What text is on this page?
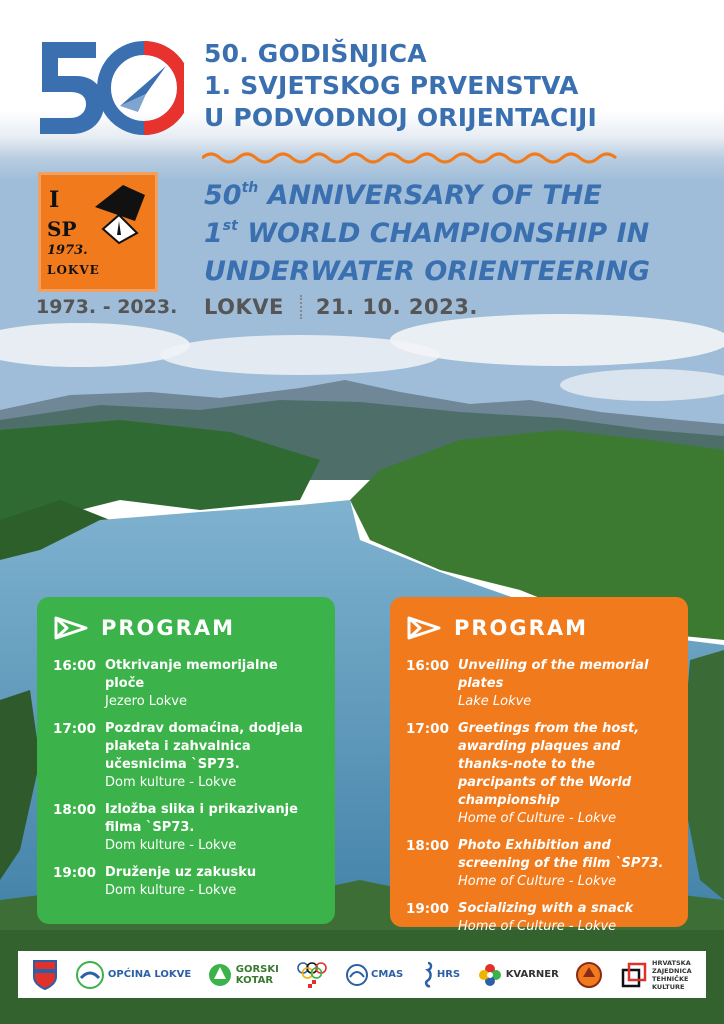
50. GODIŠNJICA
1. SVJETSKOG PRVENSTVA
U PODVODNOJ ORIJENTACIJI
50th ANNIVERSARY OF THE
1st WORLD CHAMPIONSHIP IN
UNDERWATER ORIENTEERING
I
SP
1973.
LOKVE
1973. - 2023. LOKVE 21. 10. 2023.
PROGRAM
16:00 Otkrivanje memorijalne ploče
Jezero Lokve
17:00 Pozdrav domaćina, dodjela plaketa i zahvalnica učesnicima `SP73.
Dom kulture - Lokve
18:00 Izložba slika i prikazivanje filma `SP73.
Dom kulture - Lokve
19:00 Druženje uz zakusku
Dom kulture - Lokve
PROGRAM
16:00 Unveiling of the memorial plates
Lake Lokve
17:00 Greetings from the host, awarding plaques and thanks-note to the parcipants of the World championship
Home of Culture - Lokve
18:00 Photo Exhibition and screening of the film `SP73.
Home of Culture - Lokve
19:00 Socializing with a snack
Home of Culture - Lokve
OPĆINA LOKVE	GORSKI
KOTAR	CMAS	HRS	KVARNER
HRVATSKA
ZAJEDNICA
TEHNIČKE
KULTURE
